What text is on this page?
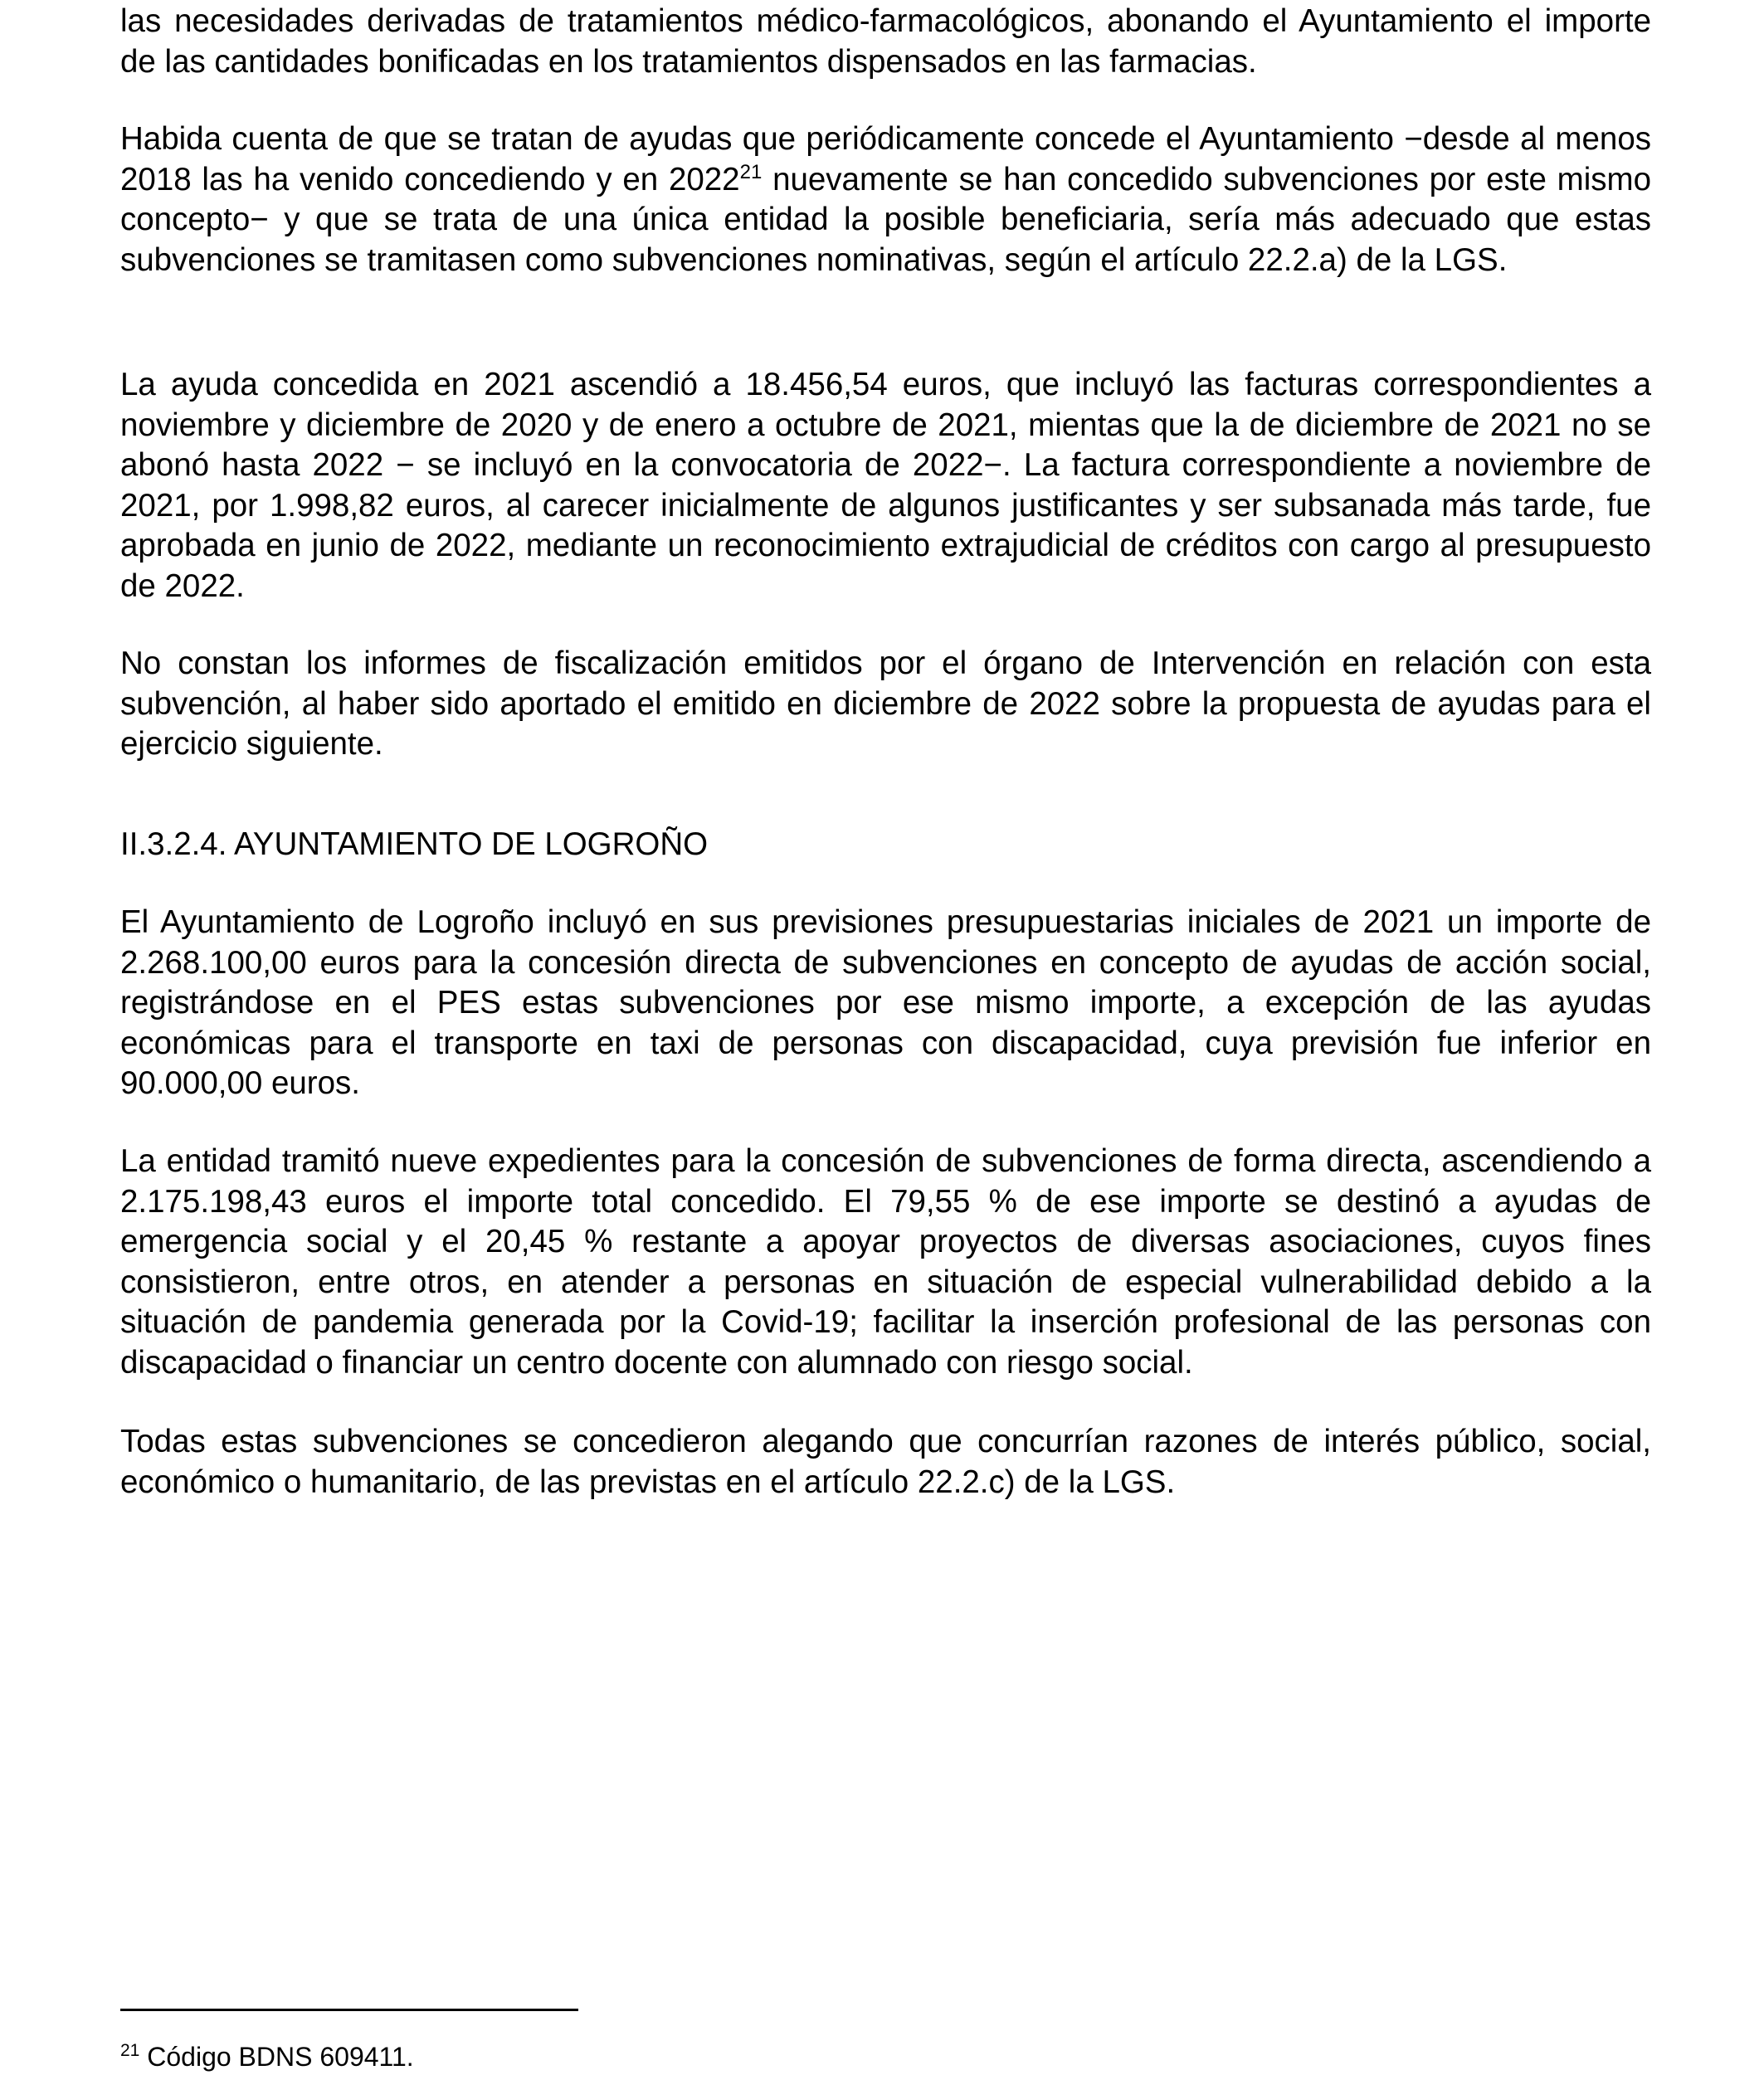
las necesidades derivadas de tratamientos médico-farmacológicos, abonando el Ayuntamiento el importe de las cantidades bonificadas en los tratamientos dispensados en las farmacias.

Habida cuenta de que se tratan de ayudas que periódicamente concede el Ayuntamiento −desde al menos 2018 las ha venido concediendo y en 2022$^{21}$ nuevamente se han concedido subvenciones por este mismo concepto− y que se trata de una única entidad la posible beneficiaria, sería más adecuado que estas subvenciones se tramitasen como subvenciones nominativas, según el artículo 22.2.a) de la LGS.

La ayuda concedida en 2021 ascendió a 18.456,54 euros, que incluyó las facturas correspondientes a noviembre y diciembre de 2020 y de enero a octubre de 2021, mientas que la de diciembre de 2021 no se abonó hasta 2022 − se incluyó en la convocatoria de 2022−. La factura correspondiente a noviembre de 2021, por 1.998,82 euros, al carecer inicialmente de algunos justificantes y ser subsanada más tarde, fue aprobada en junio de 2022, mediante un reconocimiento extrajudicial de créditos con cargo al presupuesto de 2022.

No constan los informes de fiscalización emitidos por el órgano de Intervención en relación con esta subvención, al haber sido aportado el emitido en diciembre de 2022 sobre la propuesta de ayudas para el ejercicio siguiente.

II.3.2.4. AYUNTAMIENTO DE LOGROÑO

El Ayuntamiento de Logroño incluyó en sus previsiones presupuestarias iniciales de 2021 un importe de 2.268.100,00 euros para la concesión directa de subvenciones en concepto de ayudas de acción social, registrándose en el PES estas subvenciones por ese mismo importe, a excepción de las ayudas económicas para el transporte en taxi de personas con discapacidad, cuya previsión fue inferior en 90.000,00 euros.

La entidad tramitó nueve expedientes para la concesión de subvenciones de forma directa, ascendiendo a 2.175.198,43 euros el importe total concedido. El 79,55 % de ese importe se destinó a ayudas de emergencia social y el 20,45 % restante a apoyar proyectos de diversas asociaciones, cuyos fines consistieron, entre otros, en atender a personas en situación de especial vulnerabilidad debido a la situación de pandemia generada por la Covid-19; facilitar la inserción profesional de las personas con discapacidad o financiar un centro docente con alumnado con riesgo social.

Todas estas subvenciones se concedieron alegando que concurrían razones de interés público, social, económico o humanitario, de las previstas en el artículo 22.2.c) de la LGS.

$^{21}$ Código BDNS 609411.
